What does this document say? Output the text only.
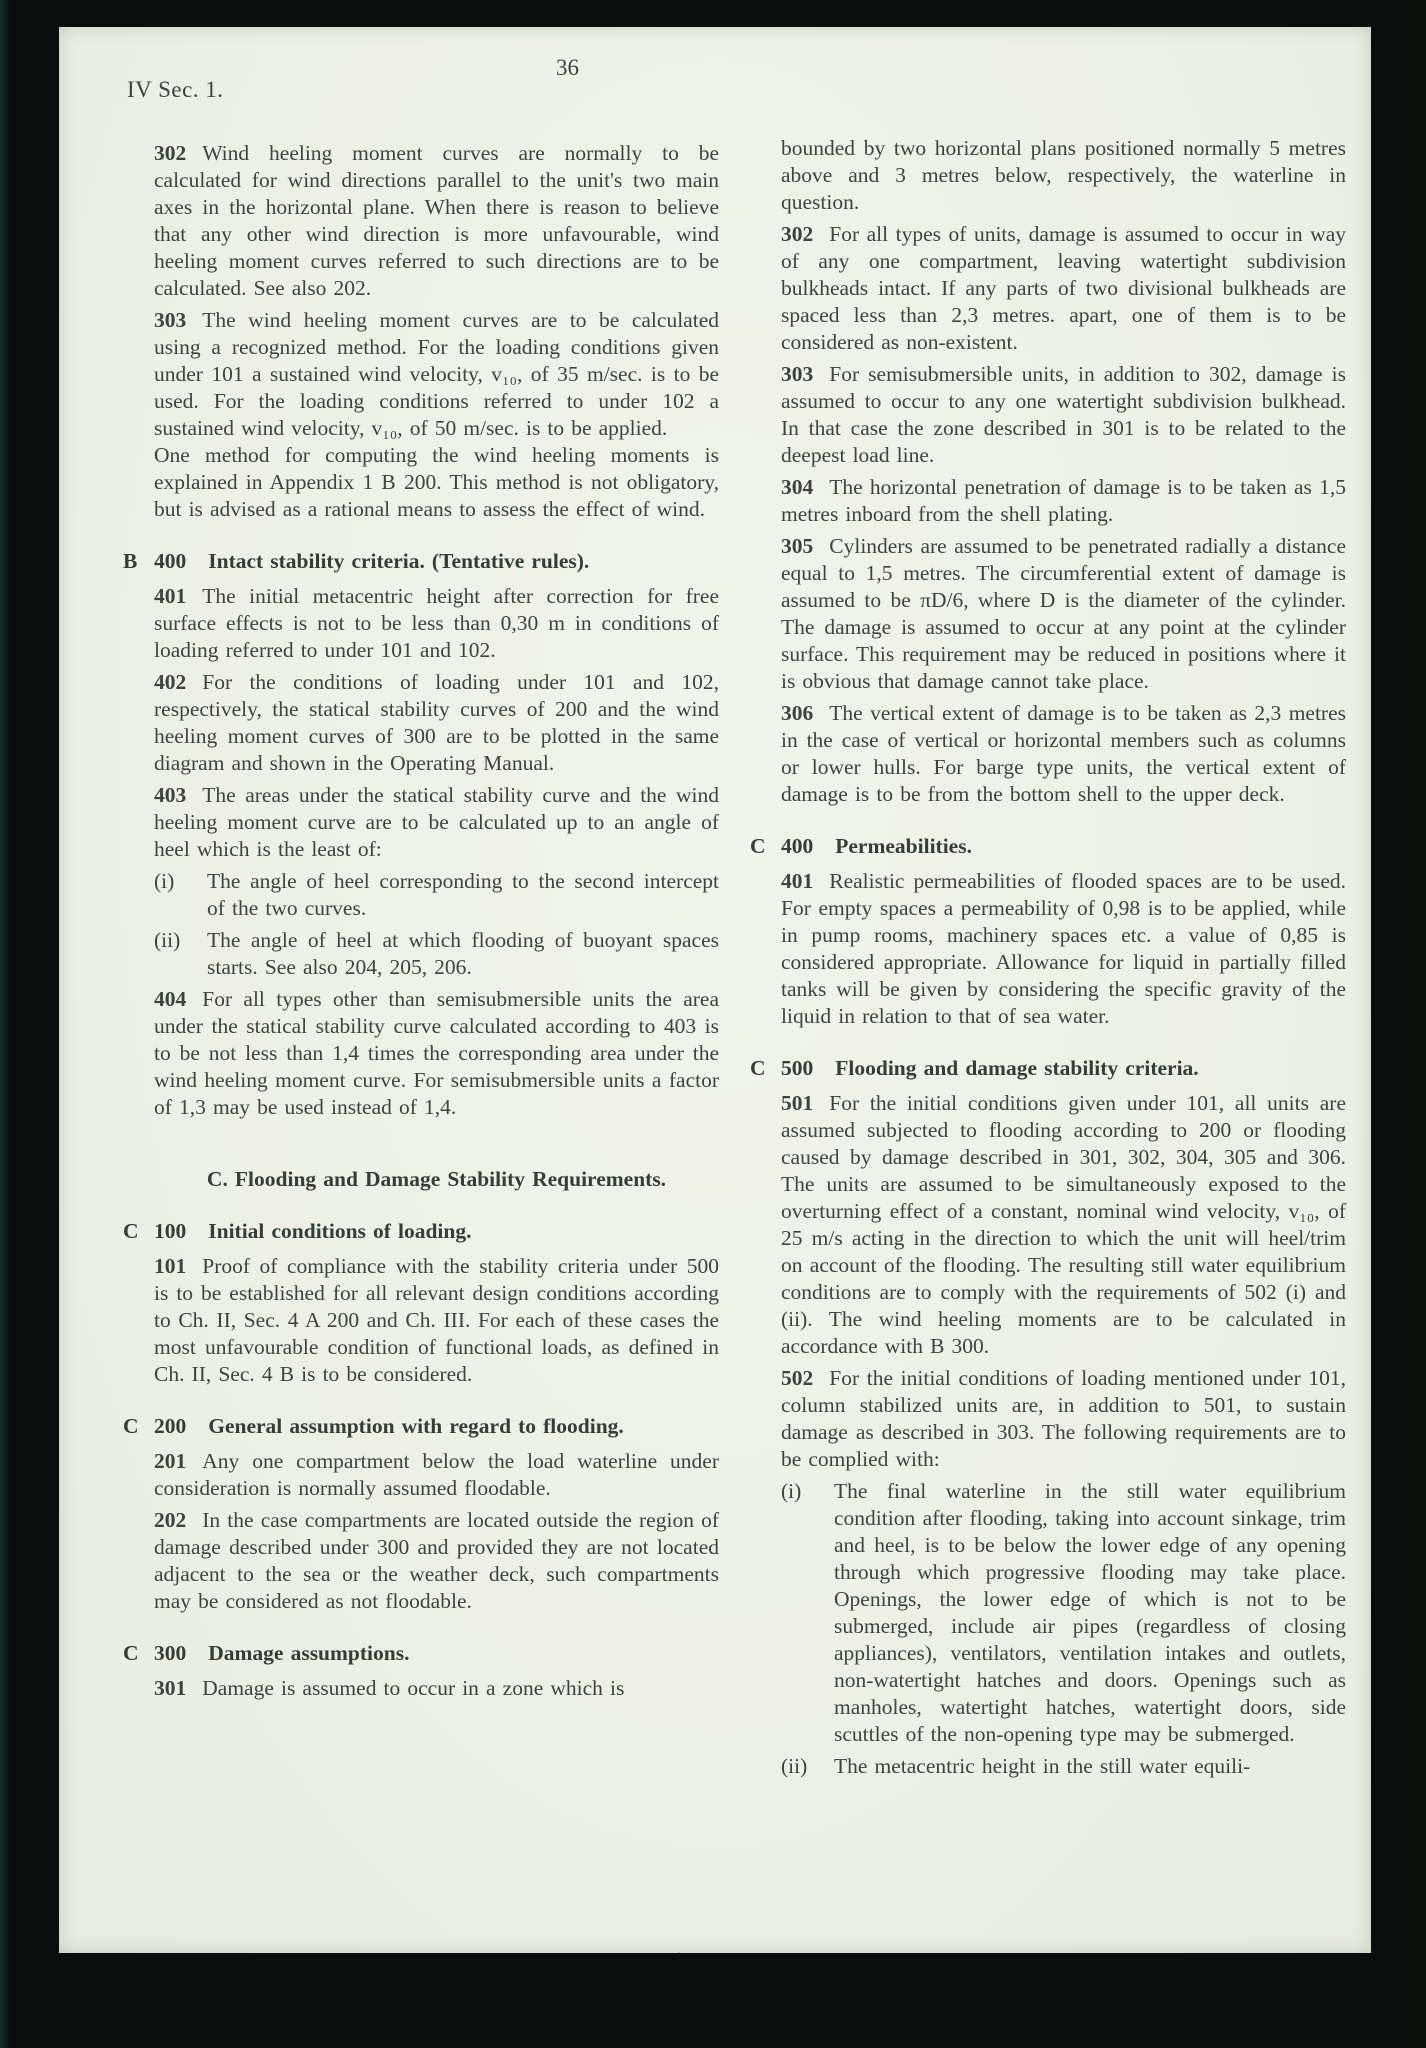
IV Sec. 1.
36

302 Wind heeling moment curves are normally to be calculated for wind directions parallel to the unit's two main axes in the horizontal plane. When there is reason to believe that any other wind direction is more unfavourable, wind heeling moment curves referred to such directions are to be calculated. See also 202.

303 The wind heeling moment curves are to be calculated using a recognized method. For the loading conditions given under 101 a sustained wind velocity, v₁₀, of 35 m/sec. is to be used. For the loading conditions referred to under 102 a sustained wind velocity, v₁₀, of 50 m/sec. is to be applied.

One method for computing the wind heeling moments is explained in Appendix 1 B 200. This method is not obligatory, but is advised as a rational means to assess the effect of wind.

B 400 Intact stability criteria. (Tentative rules).

401 The initial metacentric height after correction for free surface effects is not to be less than 0,30 m in conditions of loading referred to under 101 and 102.

402 For the conditions of loading under 101 and 102, respectively, the statical stability curves of 200 and the wind heeling moment curves of 300 are to be plotted in the same diagram and shown in the Operating Manual.

403 The areas under the statical stability curve and the wind heeling moment curve are to be calculated up to an angle of heel which is the least of:

(i)	The angle of heel corresponding to the second intercept of the two curves.
(ii)	The angle of heel at which flooding of buoyant spaces starts. See also 204, 205, 206.

404 For all types other than semisubmersible units the area under the statical stability curve calculated according to 403 is to be not less than 1,4 times the corresponding area under the wind heeling moment curve. For semisubmersible units a factor of 1,3 may be used instead of 1,4.

C. Flooding and Damage Stability Requirements.
C 100 Initial conditions of loading.

101 Proof of compliance with the stability criteria under 500 is to be established for all relevant design conditions according to Ch. II, Sec. 4 A 200 and Ch. III. For each of these cases the most unfavourable condition of functional loads, as defined in Ch. II, Sec. 4 B is to be considered.

C 200 General assumption with regard to flooding.

201 Any one compartment below the load waterline under consideration is normally assumed floodable.

202 In the case compartments are located outside the region of damage described under 300 and provided they are not located adjacent to the sea or the weather deck, such compartments may be considered as not floodable.

C 300 Damage assumptions.

301 Damage is assumed to occur in a zone which is

bounded by two horizontal plans positioned normally 5 metres above and 3 metres below, respectively, the waterline in question.

302 For all types of units, damage is assumed to occur in way of any one compartment, leaving watertight subdivision bulkheads intact. If any parts of two divisional bulkheads are spaced less than 2,3 metres. apart, one of them is to be considered as non-existent.

303 For semisubmersible units, in addition to 302, damage is assumed to occur to any one watertight subdivision bulkhead. In that case the zone described in 301 is to be related to the deepest load line.

304 The horizontal penetration of damage is to be taken as 1,5 metres inboard from the shell plating.

305 Cylinders are assumed to be penetrated radially a distance equal to 1,5 metres. The circumferential extent of damage is assumed to be πD/6, where D is the diameter of the cylinder. The damage is assumed to occur at any point at the cylinder surface. This requirement may be reduced in positions where it is obvious that damage cannot take place.

306 The vertical extent of damage is to be taken as 2,3 metres in the case of vertical or horizontal members such as columns or lower hulls. For barge type units, the vertical extent of damage is to be from the bottom shell to the upper deck.

C 400 Permeabilities.

401 Realistic permeabilities of flooded spaces are to be used. For empty spaces a permeability of 0,98 is to be applied, while in pump rooms, machinery spaces etc. a value of 0,85 is considered appropriate. Allowance for liquid in partially filled tanks will be given by considering the specific gravity of the liquid in relation to that of sea water.

C 500 Flooding and damage stability criteria.

501 For the initial conditions given under 101, all units are assumed subjected to flooding according to 200 or flooding caused by damage described in 301, 302, 304, 305 and 306. The units are assumed to be simultaneously exposed to the overturning effect of a constant, nominal wind velocity, v₁₀, of 25 m/s acting in the direction to which the unit will heel/trim on account of the flooding. The resulting still water equilibrium conditions are to comply with the requirements of 502 (i) and (ii). The wind heeling moments are to be calculated in accordance with B 300.

502 For the initial conditions of loading mentioned under 101, column stabilized units are, in addition to 501, to sustain damage as described in 303. The following requirements are to be complied with:

(i)	The final waterline in the still water equilibrium condition after flooding, taking into account sinkage, trim and heel, is to be below the lower edge of any opening through which progressive flooding may take place. Openings, the lower edge of which is not to be submerged, include air pipes (regardless of closing appliances), ventilators, ventilation intakes and outlets, non-watertight hatches and doors. Openings such as manholes, watertight hatches, watertight doors, side scuttles of the non-opening type may be submerged.
(ii)	The metacentric height in the still water equili-
